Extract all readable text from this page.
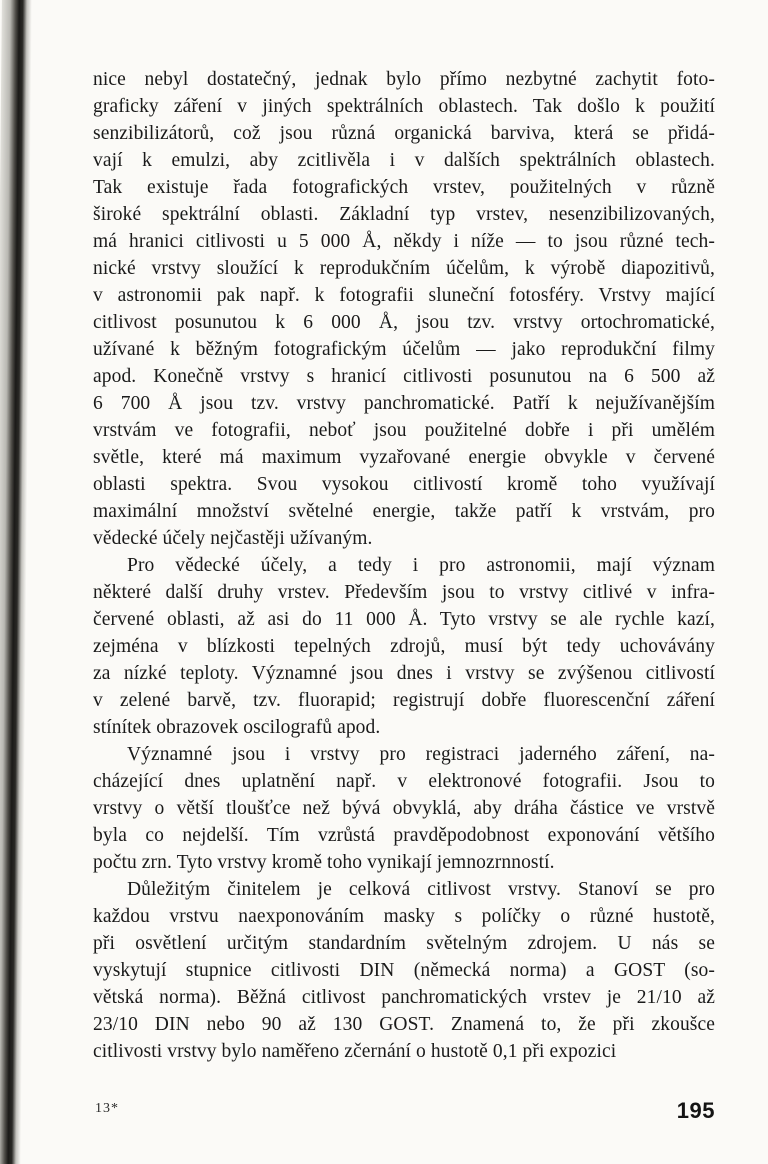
nice nebyl dostatečný, jednak bylo přímo nezbytné zachytit foto-
graficky záření v jiných spektrálních oblastech. Tak došlo k použití
senzibilizátorů, což jsou různá organická barviva, která se přidá-
vají k emulzi, aby zcitlivěla i v dalších spektrálních oblastech.
Tak existuje řada fotografických vrstev, použitelných v různě
široké spektrální oblasti. Základní typ vrstev, nesenzibilizovaných,
má hranici citlivosti u 5 000 Å, někdy i níže — to jsou různé tech-
nické vrstvy sloužící k reprodukčním účelům, k výrobě diapozitivů,
v astronomii pak např. k fotografii sluneční fotosféry. Vrstvy mající
citlivost posunutou k 6 000 Å, jsou tzv. vrstvy ortochromatické,
užívané k běžným fotografickým účelům — jako reprodukční filmy
apod. Konečně vrstvy s hranicí citlivosti posunutou na 6 500 až
6 700 Å jsou tzv. vrstvy panchromatické. Patří k nejužívanějším
vrstvám ve fotografii, neboť jsou použitelné dobře i při umělém
světle, které má maximum vyzařované energie obvykle v červené
oblasti spektra. Svou vysokou citlivostí kromě toho využívají
maximální množství světelné energie, takže patří k vrstvám, pro
vědecké účely nejčastěji užívaným.

Pro vědecké účely, a tedy i pro astronomii, mají význam
některé další druhy vrstev. Především jsou to vrstvy citlivé v infra-
červené oblasti, až asi do 11 000 Å. Tyto vrstvy se ale rychle kazí,
zejména v blízkosti tepelných zdrojů, musí být tedy uchovávány
za nízké teploty. Významné jsou dnes i vrstvy se zvýšenou citlivostí
v zelené barvě, tzv. fluorapid; registrují dobře fluorescenční záření
stínítek obrazovek oscilografů apod.

Významné jsou i vrstvy pro registraci jaderného záření, na-
cházející dnes uplatnění např. v elektronové fotografii. Jsou to
vrstvy o větší tloušťce než bývá obvyklá, aby dráha částice ve vrstvě
byla co nejdelší. Tím vzrůstá pravděpodobnost exponování většího
počtu zrn. Tyto vrstvy kromě toho vynikají jemnozrnností.

Důležitým činitelem je celková citlivost vrstvy. Stanoví se pro
každou vrstvu naexponováním masky s políčky o různé hustotě,
při osvětlení určitým standardním světelným zdrojem. U nás se
vyskytují stupnice citlivosti DIN (německá norma) a GOST (so-
větská norma). Běžná citlivost panchromatických vrstev je 21/10 až
23/10 DIN nebo 90 až 130 GOST. Znamená to, že při zkoušce
citlivosti vrstvy bylo naměřeno zčernání o hustotě 0,1 při expozici

13*	195
